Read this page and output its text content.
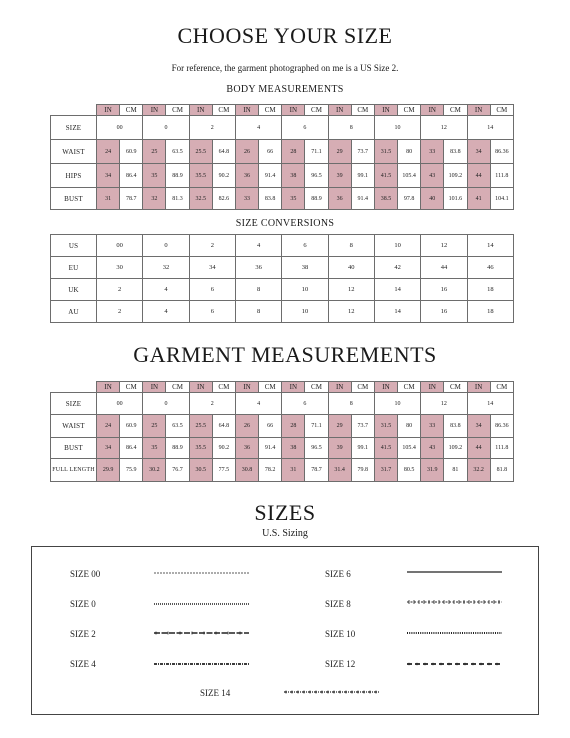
CHOOSE YOUR SIZE
For reference, the garment photographed on me is a US Size 2.
BODY MEASUREMENTS
	IN	CM	IN	CM	IN	CM	IN	CM	IN	CM	IN	CM	IN	CM	IN	CM	IN	CM
SIZE	00		0		2		4		6		8		10		12		14	
WAIST	24	60.9	25	63.5	25.5	64.8	26	66	28	71.1	29	73.7	31.5	80	33	83.8	34	86.36
HIPS	34	86.4	35	88.9	35.5	90.2	36	91.4	38	96.5	39	99.1	41.5	105.4	43	109.2	44	111.8
BUST	31	78.7	32	81.3	32.5	82.6	33	83.8	35	88.9	36	91.4	38.5	97.8	40	101.6	41	104.1
SIZE CONVERSIONS
US	00	0	2	4	6	8	10	12	14
EU	30	32	34	36	38	40	42	44	46
UK	2	4	6	8	10	12	14	16	18
AU	2	4	6	8	10	12	14	16	18
GARMENT MEASUREMENTS
	IN	CM	IN	CM	IN	CM	IN	CM	IN	CM	IN	CM	IN	CM	IN	CM	IN	CM
SIZE	00		0		2		4		6		8		10		12		14	
WAIST	24	60.9	25	63.5	25.5	64.8	26	66	28	71.1	29	73.7	31.5	80	33	83.8	34	86.36
BUST	34	86.4	35	88.9	35.5	90.2	36	91.4	38	96.5	39	99.1	41.5	105.4	43	109.2	44	111.8
FULL LENGTH	29.9	75.9	30.2	76.7	30.5	77.5	30.8	78.2	31	78.7	31.4	79.8	31.7	80.5	31.9	81	32.2	81.8
SIZES
U.S. Sizing
SIZE 00	SIZE 6
SIZE 0	SIZE 8
SIZE 2	SIZE 10
SIZE 4	SIZE 12
SIZE 14
